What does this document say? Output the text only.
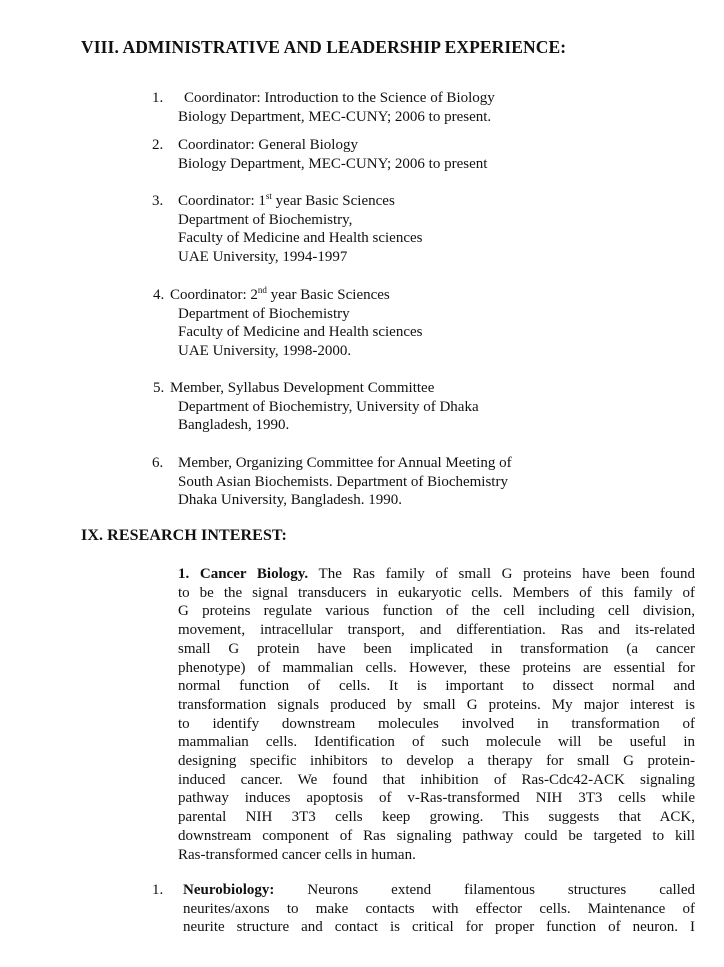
VIII. ADMINISTRATIVE AND LEADERSHIP EXPERIENCE:
1. Coordinator: Introduction to the Science of Biology
Biology Department, MEC-CUNY; 2006 to present.
2. Coordinator: General Biology
Biology Department, MEC-CUNY; 2006 to present
3. Coordinator: 1st year Basic Sciences
Department of Biochemistry,
Faculty of Medicine and Health sciences
UAE University, 1994-1997
4. Coordinator: 2nd year Basic Sciences
Department of Biochemistry
Faculty of Medicine and Health sciences
UAE University, 1998-2000.
5. Member, Syllabus Development Committee
Department of Biochemistry, University of Dhaka
Bangladesh, 1990.
6. Member, Organizing Committee for Annual Meeting of
South Asian Biochemists. Department of Biochemistry
Dhaka University, Bangladesh. 1990.
IX. RESEARCH INTEREST:
1. Cancer Biology. The Ras family of small G proteins have been found
to be the signal transducers in eukaryotic cells. Members of this family of
G proteins regulate various function of the cell including cell division,
movement, intracellular transport, and differentiation. Ras and its-related
small G protein have been implicated in transformation (a cancer
phenotype) of mammalian cells. However, these proteins are essential for
normal function of cells. It is important to dissect normal and
transformation signals produced by small G proteins. My major interest is
to identify downstream molecules involved in transformation of
mammalian cells. Identification of such molecule will be useful in
designing specific inhibitors to develop a therapy for small G protein-
induced cancer. We found that inhibition of Ras-Cdc42-ACK signaling
pathway induces apoptosis of v-Ras-transformed NIH 3T3 cells while
parental NIH 3T3 cells keep growing. This suggests that ACK,
downstream component of Ras signaling pathway could be targeted to kill
Ras-transformed cancer cells in human.
1. Neurobiology: Neurons extend filamentous structures called
neurites/axons to make contacts with effector cells. Maintenance of
neurite structure and contact is critical for proper function of neuron. I
